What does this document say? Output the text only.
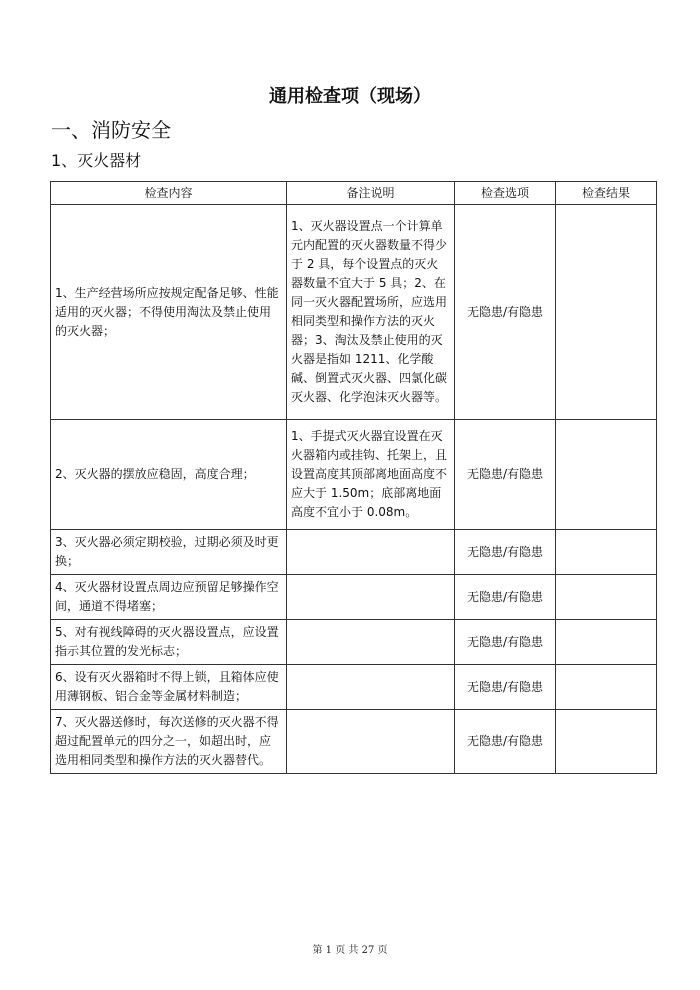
通用检查项（现场）
一、消防安全
1、灭火器材
检查内容	备注说明	检查选项	检查结果
1、生产经营场所应按规定配备足够、性能适用的灭火器；不得使用淘汰及禁止使用的灭火器；	1、灭火器设置点一个计算单元内配置的灭火器数量不得少于 2 具，每个设置点的灭火器数量不宜大于 5 具；2、在同一灭火器配置场所，应选用相同类型和操作方法的灭火器；3、淘汰及禁止使用的灭火器是指如 1211、化学酸碱、倒置式灭火器、四氯化碳灭火器、化学泡沫灭火器等。	无隐患/有隐患	
2、灭火器的摆放应稳固，高度合理；	1、手提式灭火器宜设置在灭火器箱内或挂钩、托架上，且设置高度其顶部离地面高度不应大于 1.50m；底部离地面高度不宜小于 0.08m。	无隐患/有隐患	
3、灭火器必须定期校验，过期必须及时更换；		无隐患/有隐患	
4、灭火器材设置点周边应预留足够操作空间，通道不得堵塞；		无隐患/有隐患	
5、对有视线障碍的灭火器设置点，应设置指示其位置的发光标志；		无隐患/有隐患	
6、设有灭火器箱时不得上锁，且箱体应使用薄钢板、铝合金等金属材料制造；		无隐患/有隐患	
7、灭火器送修时，每次送修的灭火器不得超过配置单元的四分之一，如超出时，应选用相同类型和操作方法的灭火器替代。		无隐患/有隐患	
第 1 页 共 27 页
